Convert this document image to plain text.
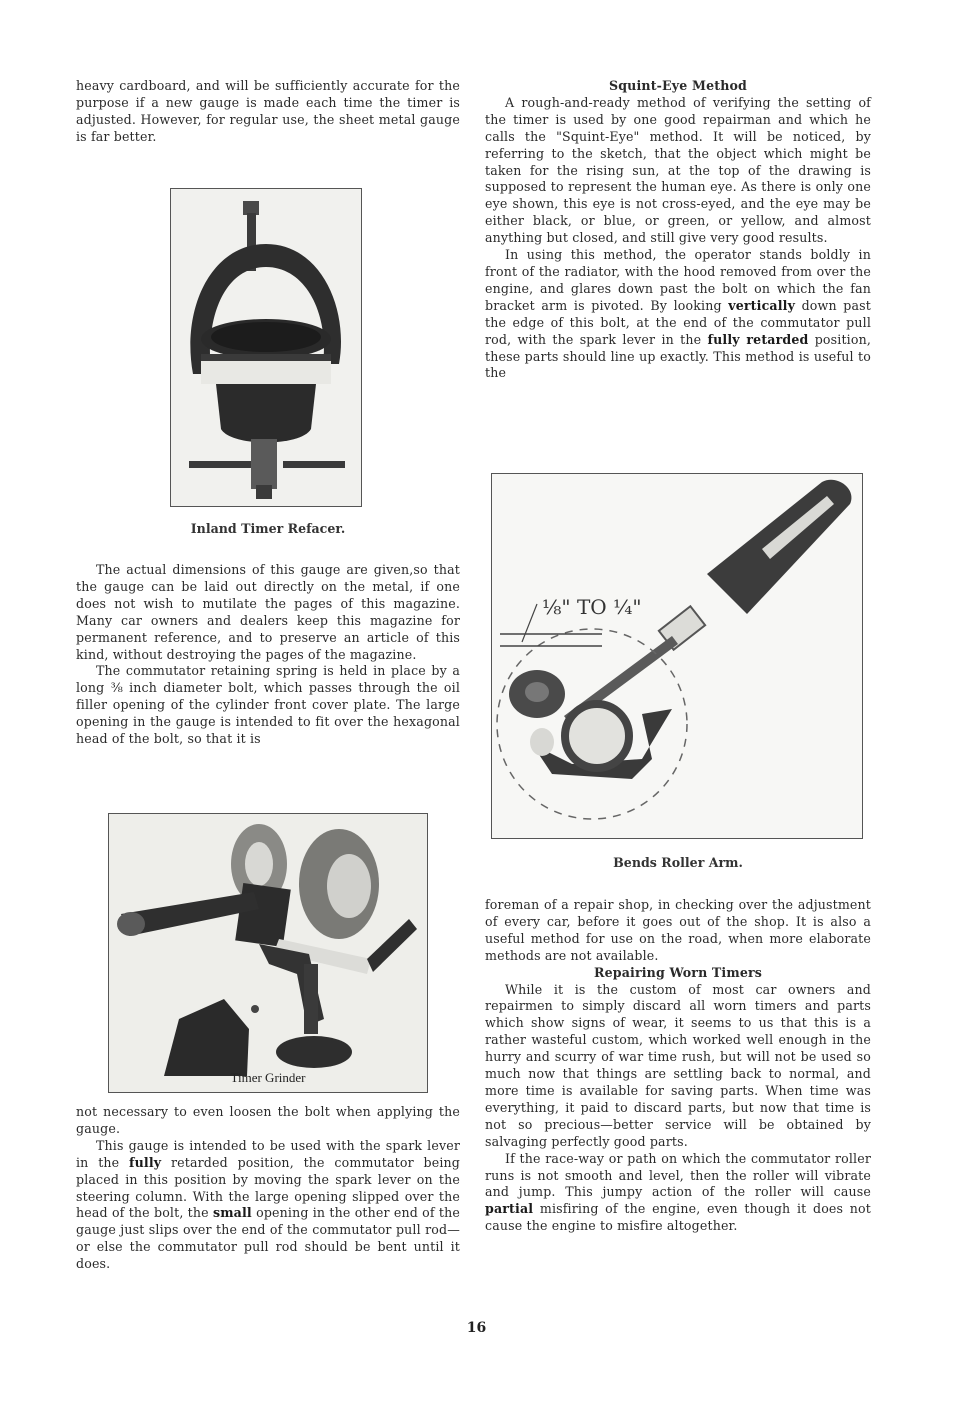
heavy cardboard, and will be sufficiently accurate for the purpose if a new gauge is made each time the timer is adjusted. However, for regular use, the sheet metal gauge is far better.

Inland Timer Refacer.

The actual dimensions of this gauge are given,so that the gauge can be laid out directly on the metal, if one does not wish to mutilate the pages of this magazine. Many car owners and dealers keep this magazine for permanent reference, and to preserve an article of this kind, without destroying the pages of the magazine.

The commutator retaining spring is held in place by a long ⅜ inch diameter bolt, which passes through the oil filler opening of the cylinder front cover plate. The large opening in the gauge is intended to fit over the hexagonal head of the bolt, so that it is

Timer Grinder

not necessary to even loosen the bolt when applying the gauge.

This gauge is intended to be used with the spark lever in the fully retarded position, the commutator being placed in this position by moving the spark lever on the steering column. With the large opening slipped over the head of the bolt, the small opening in the other end of the gauge just slips over the end of the commutator pull rod—or else the commutator pull rod should be bent until it does.

Squint-Eye Method

A rough-and-ready method of verifying the setting of the timer is used by one good repairman and which he calls the "Squint-Eye" method. It will be noticed, by referring to the sketch, that the object which might be taken for the rising sun, at the top of the drawing is supposed to represent the human eye. As there is only one eye shown, this eye is not cross-eyed, and the eye may be either black, or blue, or green, or yellow, and almost anything but closed, and still give very good results.

In using this method, the operator stands boldly in front of the radiator, with the hood removed from over the engine, and glares down past the bolt on which the fan bracket arm is pivoted. By looking vertically down past the edge of this bolt, at the end of the commutator pull rod, with the spark lever in the fully retarded position, these parts should line up exactly. This method is useful to the

⅛" TO ¼"
Bends Roller Arm.

foreman of a repair shop, in checking over the adjustment of every car, before it goes out of the shop. It is also a useful method for use on the road, when more elaborate methods are not available.

Repairing Worn Timers

While it is the custom of most car owners and repairmen to simply discard all worn timers and parts which show signs of wear, it seems to us that this is a rather wasteful custom, which worked well enough in the hurry and scurry of war time rush, but will not be used so much now that things are settling back to normal, and more time is available for saving parts. When time was everything, it paid to discard parts, but now that time is not so precious—better service will be obtained by salvaging perfectly good parts.

If the race-way or path on which the commutator roller runs is not smooth and level, then the roller will vibrate and jump. This jumpy action of the roller will cause partial misfiring of the engine, even though it does not cause the engine to misfire altogether.

16
